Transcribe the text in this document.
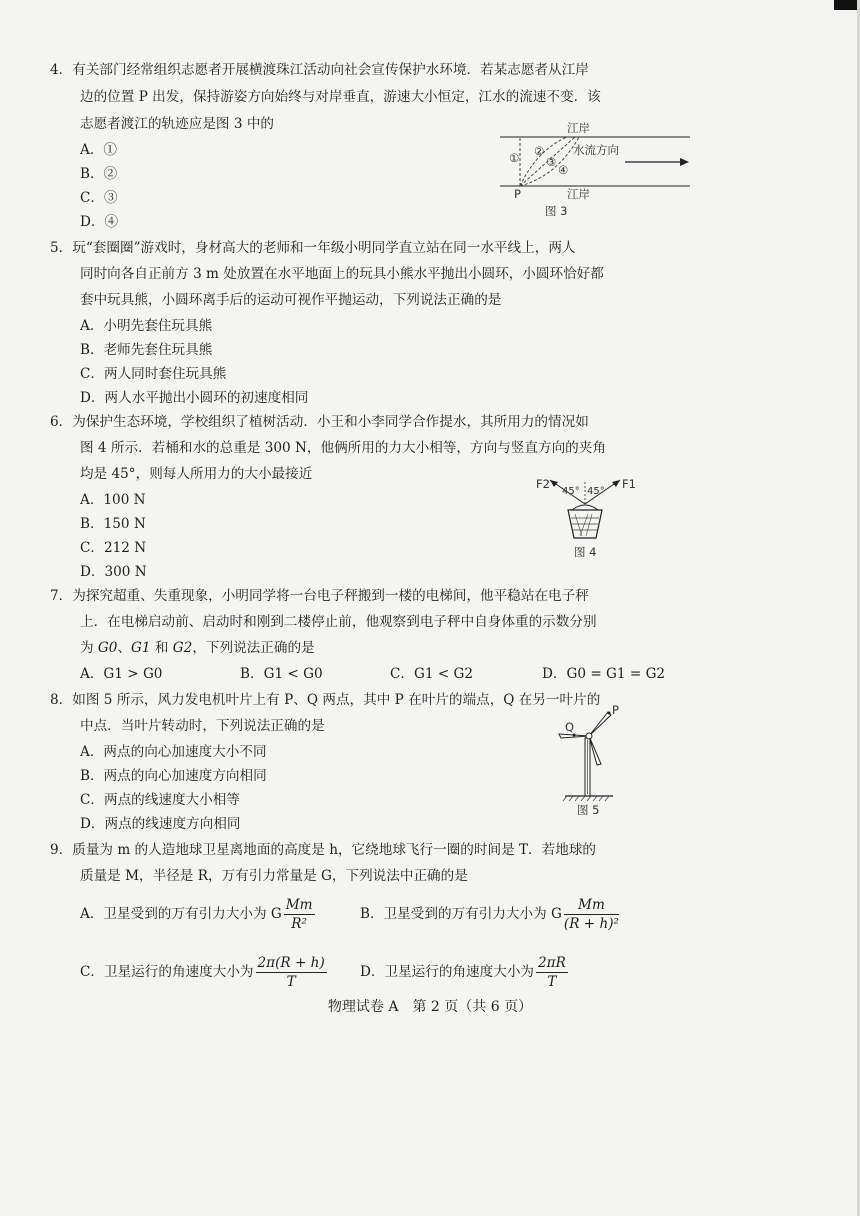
4．有关部门经常组织志愿者开展横渡珠江活动向社会宣传保护水环境．若某志愿者从江岸
边的位置 P 出发，保持游姿方向始终与对岸垂直，游速大小恒定，江水的流速不变．该
志愿者渡江的轨迹应是图 3 中的
A．①
B．②
C．③
D．④
江岸
江岸
① ②
③
④
水流方向
P
图 3
5．玩“套圈圈”游戏时，身材高大的老师和一年级小明同学直立站在同一水平线上，两人
同时向各自正前方 3 m 处放置在水平地面上的玩具小熊水平抛出小圆环，小圆环恰好都
套中玩具熊，小圆环离手后的运动可视作平抛运动，下列说法正确的是
A．小明先套住玩具熊
B．老师先套住玩具熊
C．两人同时套住玩具熊
D．两人水平抛出小圆环的初速度相同
6．为保护生态环境，学校组织了植树活动．小王和小李同学合作提水，其所用力的情况如
图 4 所示．若桶和水的总重是 300 N，他俩所用的力大小相等，方向与竖直方向的夹角
均是 45°，则每人所用力的大小最接近
A．100 N
B．150 N
C．212 N
D．300 N
F2	F1
45° 45°
图 4
7．为探究超重、失重现象，小明同学将一台电子秤搬到一楼的电梯间，他平稳站在电子秤
上．在电梯启动前、启动时和刚到二楼停止前，他观察到电子秤中自身体重的示数分别
为 G0、G1 和 G2，下列说法正确的是
A．G1 > G0	B．G1 < G0	C．G1 < G2	D．G0 = G1 = G2
8．如图 5 所示，风力发电机叶片上有 P、Q 两点，其中 P 在叶片的端点，Q 在另一叶片的
中点．当叶片转动时，下列说法正确的是
A．两点的向心加速度大小不同
B．两点的向心加速度方向相同
C．两点的线速度大小相等
D．两点的线速度方向相同
P
Q
图 5
9．质量为 m 的人造地球卫星离地面的高度是 h，它绕地球飞行一圈的时间是 T．若地球的
质量是 M，半径是 R，万有引力常量是 G，下列说法中正确的是
A．卫星受到的万有引力大小为 G $\frac{Mm}{\text{R²}}$	B．卫星受到的万有引力大小为 G $\frac{Mm}{\text{(R + h)²}}$
C．卫星运行的角速度大小为 $\frac{2\pi(R + h)}{T}$ D．卫星运行的角速度大小为 $\frac{2\pi R}{T}$
物理试卷 A　第 2 页（共 6 页）
